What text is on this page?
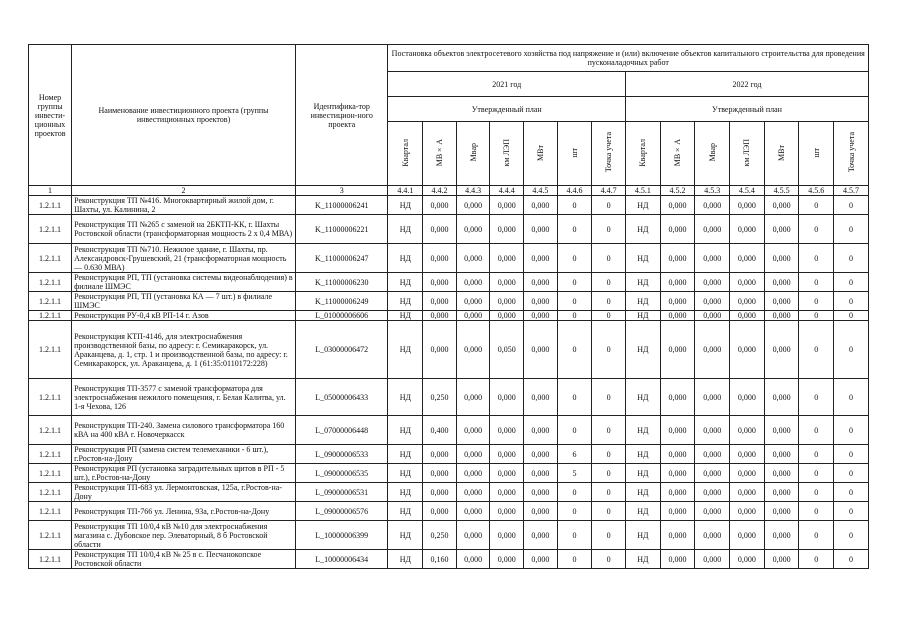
Номер группы инвести-ционных проектов	Наименование инвестиционного проекта (группы инвестиционных проектов)	Идентифика-тор инвестицион-ного проекта	Постановка объектов электросетевого хозяйства под напряжение и (или) включение объектов капитального строительства для проведения пусконаладочных работ													
			2021 год							2022 год						
			Утвержденный план							Утвержденный план						
			Квартал	МВ×А	Мвар	км ЛЭП	МВт	шт	Точка учета	Квартал	МВ×А	Мвар	км ЛЭП	МВт	шт	Точка учета
1	2	3	4.4.1	4.4.2	4.4.3	4.4.4	4.4.5	4.4.6	4.4.7	4.5.1	4.5.2	4.5.3	4.5.4	4.5.5	4.5.6	4.5.7
1.2.1.1	Реконструкция ТП №416. Многоквартирный жилой дом, г. Шахты, ул. Калинина, 2	K_11000006241	НД	0,000	0,000	0,000	0,000	0	0	НД	0,000	0,000	0,000	0,000	0	0
1.2.1.1	Реконструкция ТП №265 с заменой на 2БКТП-КК, г. Шахты Ростовской области (трансформаторная мощность 2 х 0,4 МВА)	K_11000006221	НД	0,000	0,000	0,000	0,000	0	0	НД	0,000	0,000	0,000	0,000	0	0
1.2.1.1	Реконструкция ТП №710. Нежилое здание, г. Шахты, пр. Александровск-Грушевский, 21 (трансформаторная мощность — 0.630 МВА)	K_11000006247	НД	0,000	0,000	0,000	0,000	0	0	НД	0,000	0,000	0,000	0,000	0	0
1.2.1.1	Реконструкция РП, ТП (установка системы видеонаблюдения) в филиале ШМЭС	K_11000006230	НД	0,000	0,000	0,000	0,000	0	0	НД	0,000	0,000	0,000	0,000	0	0
1.2.1.1	Реконструкция РП, ТП (установка КА — 7 шт.) в филиале ШМЭС	K_11000006249	НД	0,000	0,000	0,000	0,000	0	0	НД	0,000	0,000	0,000	0,000	0	0
1.2.1.1	Реконструкция РУ-0,4 кВ РП-14 г. Азов	L_01000006606	НД	0,000	0,000	0,000	0,000	0	0	НД	0,000	0,000	0,000	0,000	0	0
1.2.1.1	Реконструкция КТП-4146, для электроснабжения производственной базы, по адресу: г. Семикаракорск, ул. Араканцева, д. 1, стр. 1 и производственной базы, по адресу: г. Семикаракорск, ул. Араканцева, д. 1 (61:35:0110172:228)	L_03000006472	НД	0,000	0,000	0,050	0,000	0	0	НД	0,000	0,000	0,000	0,000	0	0
1.2.1.1	Реконструкция ТП-3577 с заменой трансформатора для электроснабжения нежилого помещения, г. Белая Калитва, ул. 1-я Чехова, 126	L_05000006433	НД	0,250	0,000	0,000	0,000	0	0	НД	0,000	0,000	0,000	0,000	0	0
1.2.1.1	Реконструкция ТП-240. Замена силового трансформатора 160 кВА на 400 кВА г. Новочеркасск	L_07000006448	НД	0,400	0,000	0,000	0,000	0	0	НД	0,000	0,000	0,000	0,000	0	0
1.2.1.1	Реконструкция РП (замена систем телемеханики - 6 шт.), г.Ростов-на-Дону	L_09000006533	НД	0,000	0,000	0,000	0,000	6	0	НД	0,000	0,000	0,000	0,000	0	0
1.2.1.1	Реконструкция РП (установка заградительных щитов в РП - 5 шт.), г.Ростов-на-Дону	L_09000006535	НД	0,000	0,000	0,000	0,000	5	0	НД	0,000	0,000	0,000	0,000	0	0
1.2.1.1	Реконструкция ТП-683 ул. Лермонтовская, 125а, г.Ростов-на-Дону	L_09000006531	НД	0,000	0,000	0,000	0,000	0	0	НД	0,000	0,000	0,000	0,000	0	0
1.2.1.1	Реконструкция ТП-766 ул. Ленина, 93а, г.Ростов-на-Дону	L_09000006576	НД	0,000	0,000	0,000	0,000	0	0	НД	0,000	0,000	0,000	0,000	0	0
1.2.1.1	Реконструкция ТП 10/0,4 кВ №10 для электроснабжения магазина с. Дубовское пер. Элеваторный, 8 б Ростовской области	L_10000006399	НД	0,250	0,000	0,000	0,000	0	0	НД	0,000	0,000	0,000	0,000	0	0
1.2.1.1	Реконструкция ТП 10/0,4 кВ № 25 в с. Песчанокопское Ростовской области	L_10000006434	НД	0,160	0,000	0,000	0,000	0	0	НД	0,000	0,000	0,000	0,000	0	0
